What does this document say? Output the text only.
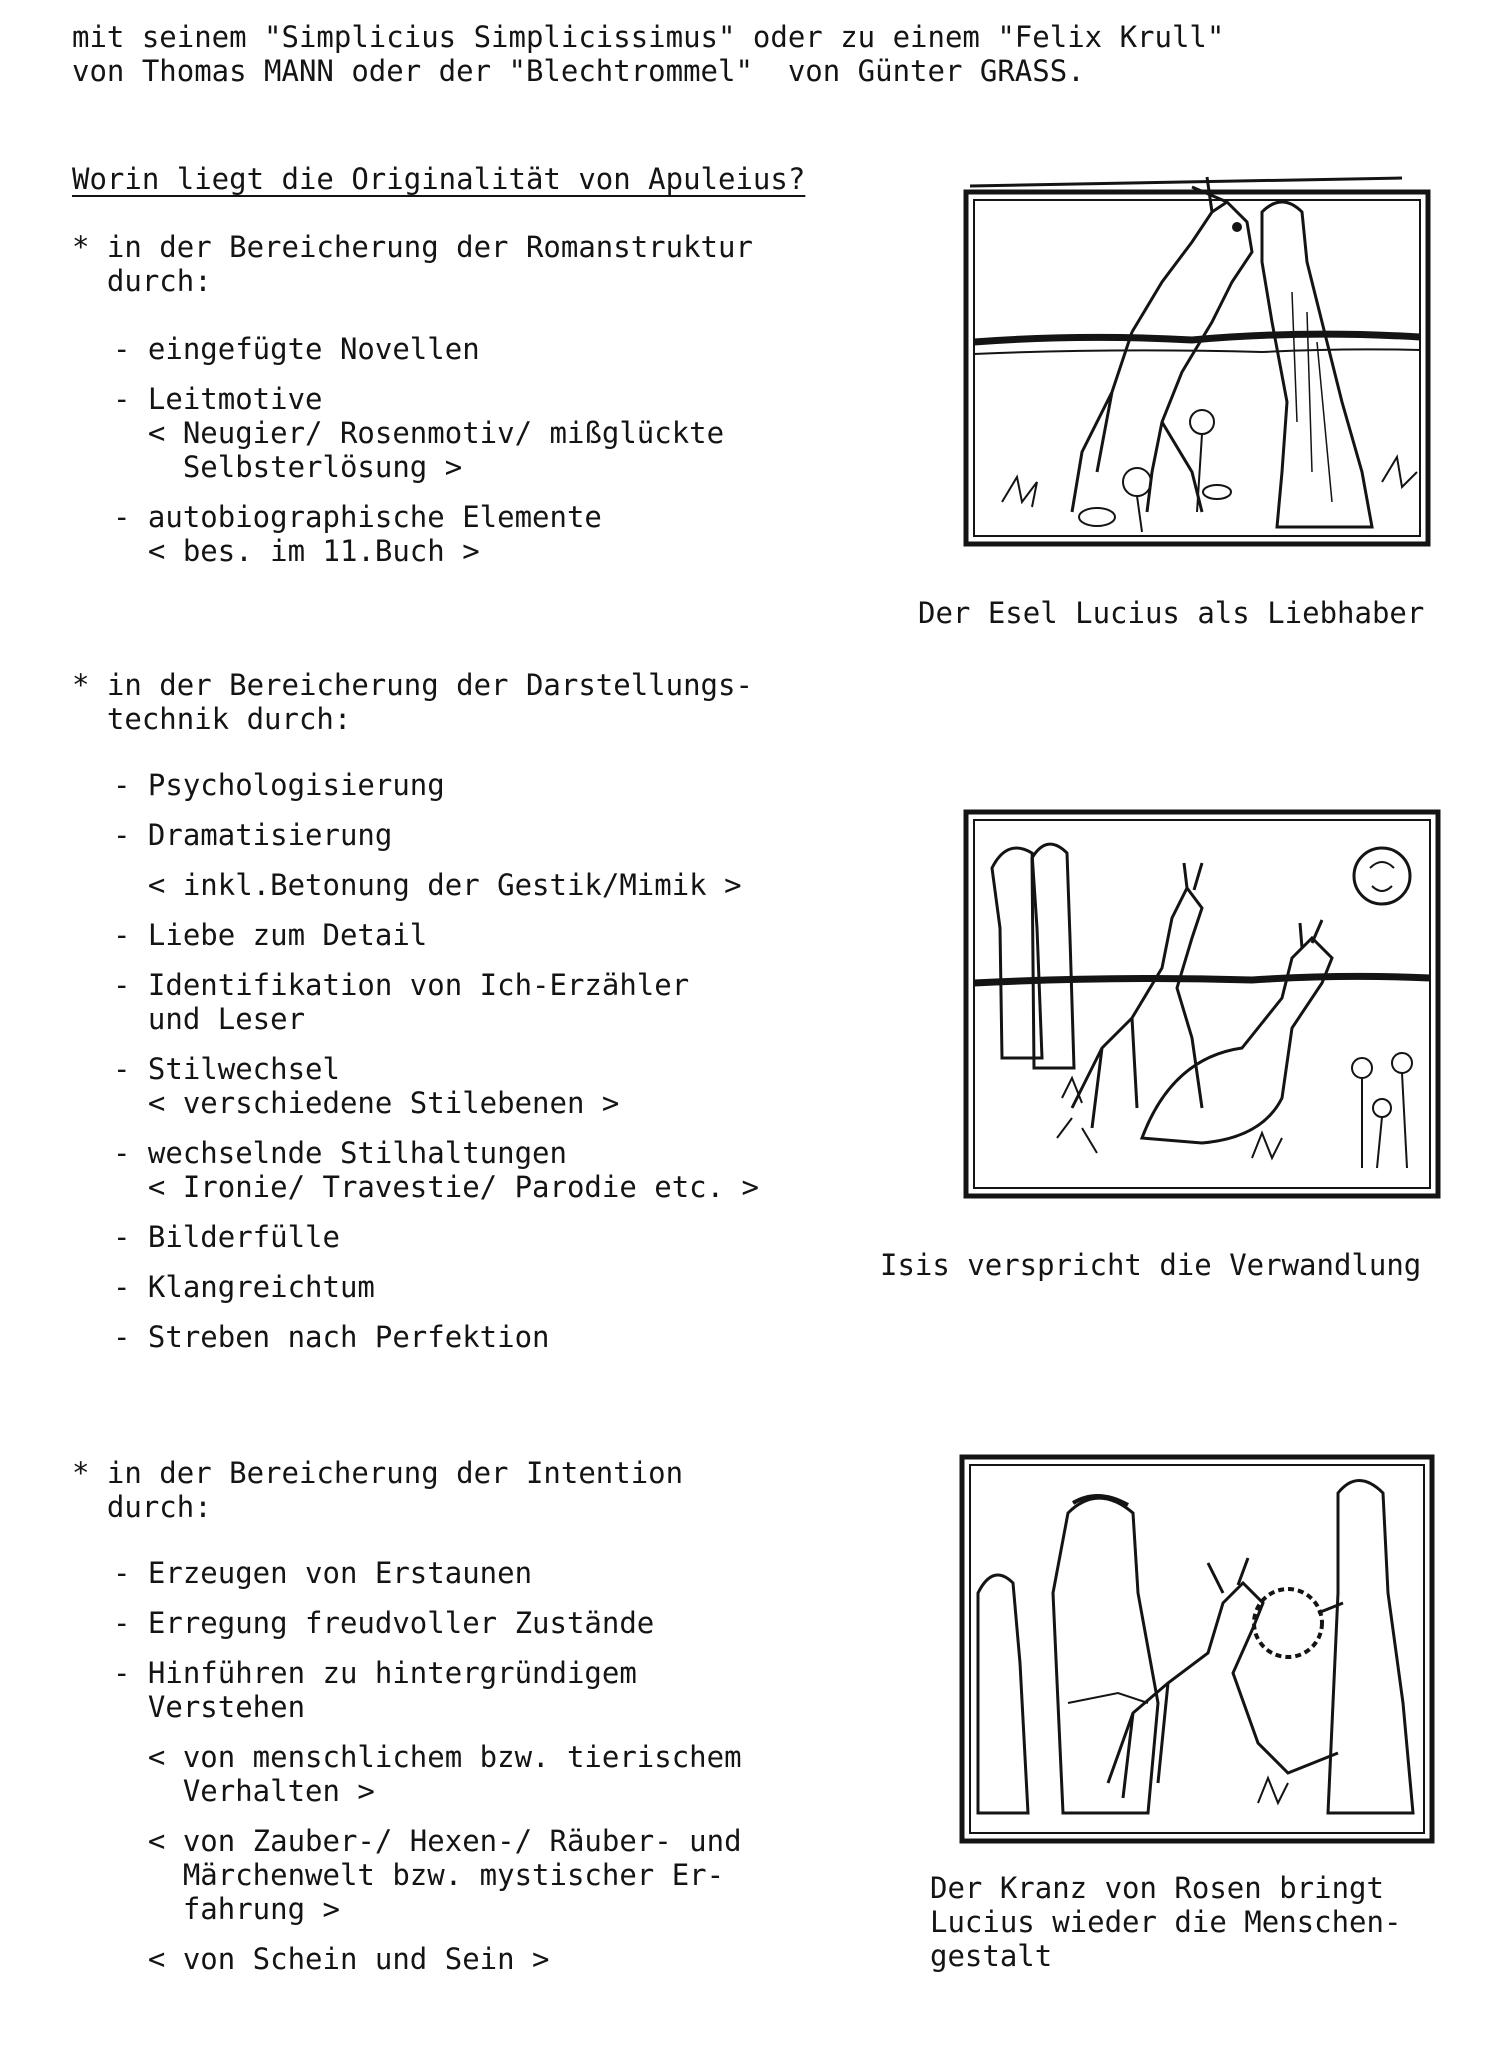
mit seinem "Simplicius Simplicissimus" oder zu einem "Felix Krull"
von Thomas MANN oder der "Blechtrommel"  von Günter GRASS.
Worin liegt die Originalität von Apuleius?
* in der Bereicherung der Romanstruktur
durch:
- eingefügte Novellen
- Leitmotive
< Neugier/ Rosenmotiv/ mißglückte
Selbsterlösung >
- autobiographische Elemente
< bes. im 11.Buch >
* in der Bereicherung der Darstellungs-
technik durch:
- Psychologisierung
- Dramatisierung
< inkl.Betonung der Gestik/Mimik >
- Liebe zum Detail
- Identifikation von Ich-Erzähler
und Leser
- Stilwechsel
< verschiedene Stilebenen >
- wechselnde Stilhaltungen
< Ironie/ Travestie/ Parodie etc. >
- Bilderfülle
- Klangreichtum
- Streben nach Perfektion
* in der Bereicherung der Intention
durch:
- Erzeugen von Erstaunen
- Erregung freudvoller Zustände
- Hinführen zu hintergründigem
Verstehen
< von menschlichem bzw. tierischem
Verhalten >
< von Zauber-/ Hexen-/ Räuber- und
Märchenwelt bzw. mystischer Er-
fahrung >
< von Schein und Sein >
Der Esel Lucius als Liebhaber
Isis verspricht die Verwandlung
Der Kranz von Rosen bringt
Lucius wieder die Menschen-
gestalt
